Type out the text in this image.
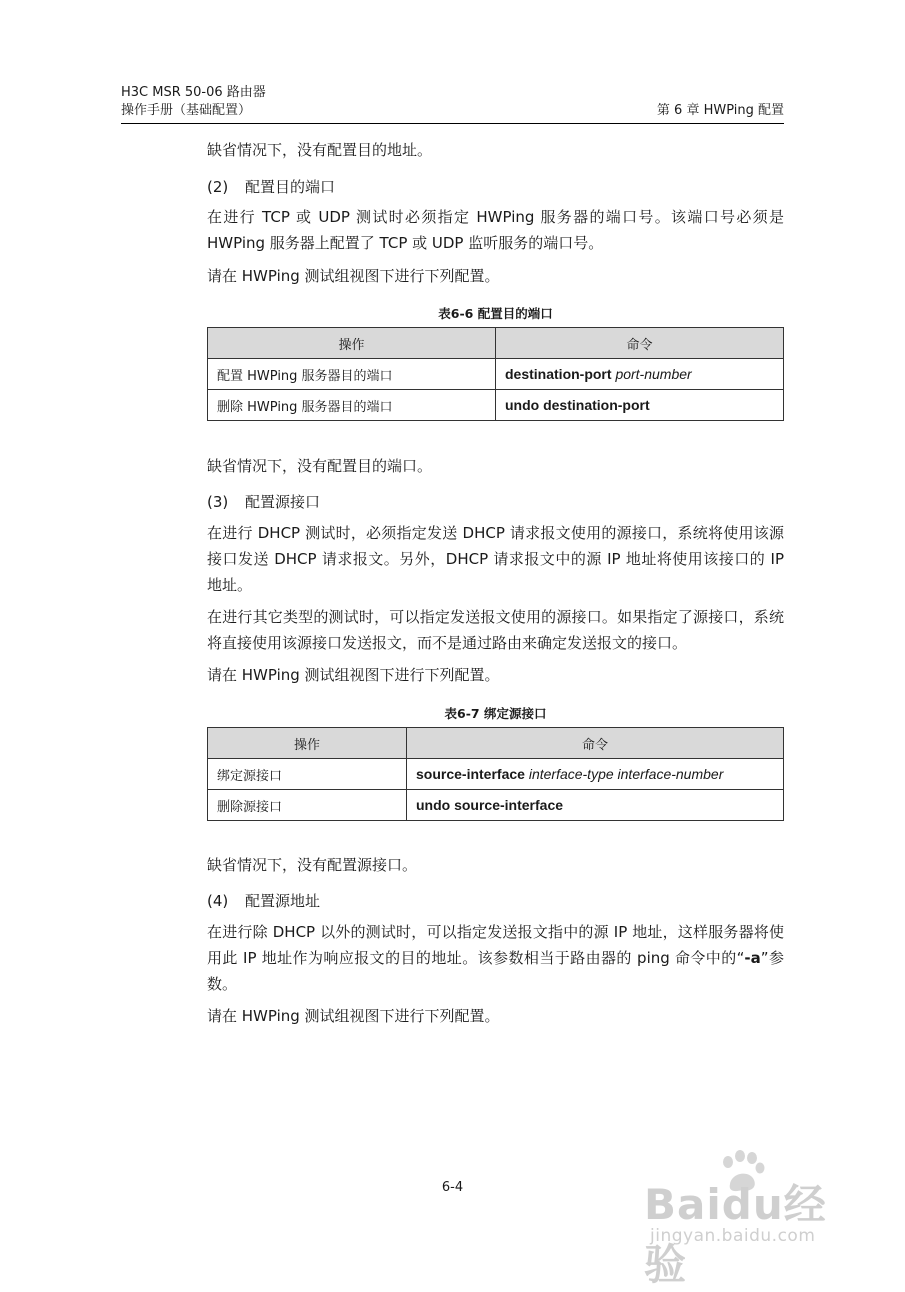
H3C MSR 50-06 路由器
操作手册（基础配置）	第 6 章 HWPing 配置
缺省情况下，没有配置目的地址。
(2) 配置目的端口
在进行 TCP 或 UDP 测试时必须指定 HWPing 服务器的端口号。该端口号必须是 HWPing 服务器上配置了 TCP 或 UDP 监听服务的端口号。
请在 HWPing 测试组视图下进行下列配置。
表6-6 配置目的端口
操作	命令
配置 HWPing 服务器目的端口	destination-port port-number
删除 HWPing 服务器目的端口	undo destination-port
缺省情况下，没有配置目的端口。
(3) 配置源接口
在进行 DHCP 测试时，必须指定发送 DHCP 请求报文使用的源接口，系统将使用该源接口发送 DHCP 请求报文。另外，DHCP 请求报文中的源 IP 地址将使用该接口的 IP 地址。
在进行其它类型的测试时，可以指定发送报文使用的源接口。如果指定了源接口，系统将直接使用该源接口发送报文，而不是通过路由来确定发送报文的接口。
请在 HWPing 测试组视图下进行下列配置。
表6-7 绑定源接口
操作	命令
绑定源接口	source-interface interface-type interface-number
删除源接口	undo source-interface
缺省情况下，没有配置源接口。
(4) 配置源地址
在进行除 DHCP 以外的测试时，可以指定发送报文指中的源 IP 地址，这样服务器将使用此 IP 地址作为响应报文的目的地址。该参数相当于路由器的 ping 命令中的“-a”参数。
请在 HWPing 测试组视图下进行下列配置。
6-4	Baidu经验
jingyan.baidu.com
